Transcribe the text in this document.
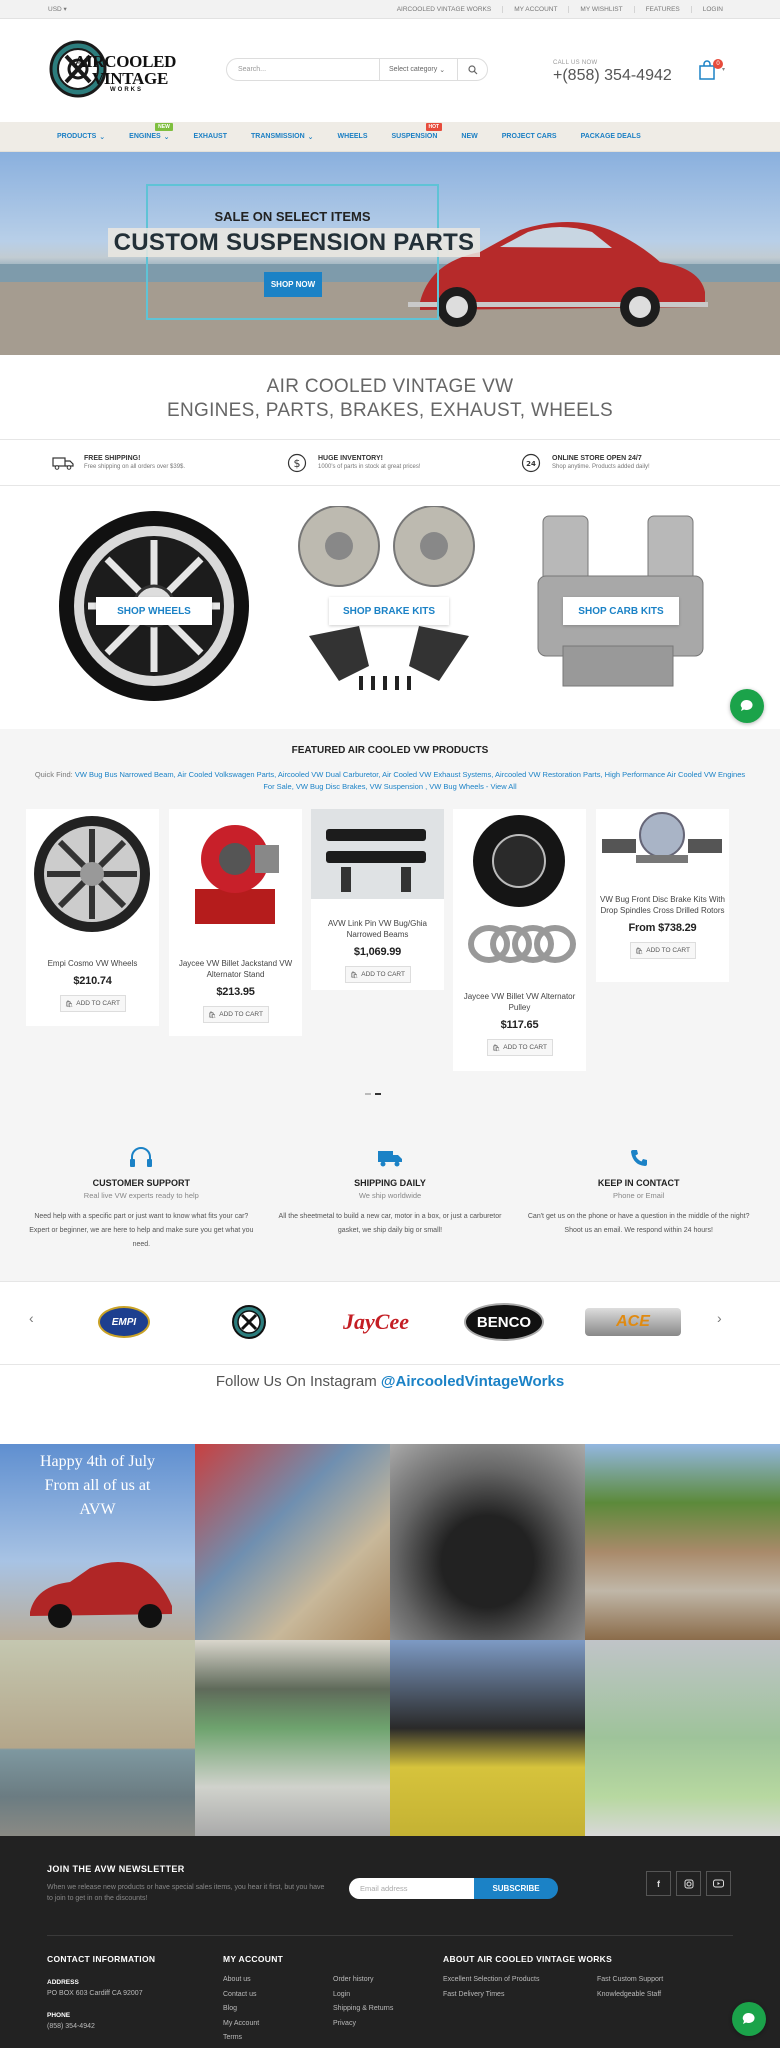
USD ▾	AIRCOOLED VINTAGE WORKS	MY ACCOUNT	MY WISHLIST	FEATURES	LOGIN
AIRCOOLED
VINTAGE
WORKS
Search...	Select category ⌄
CALL US NOW
+(858) 354-4942
0
▾
PRODUCTS ⌄	ENGINES ⌄
NEW
EXHAUST	TRANSMISSION ⌄	WHEELS	SUSPENSION
HOT
NEW	PROJECT CARS	PACKAGE DEALS
SALE ON SELECT ITEMS
CUSTOM SUSPENSION PARTS
SHOP NOW
AIR COOLED VINTAGE VW
ENGINES, PARTS, BRAKES, EXHAUST, WHEELS
FREE SHIPPING!
Free shipping on all orders over $39$.	$	HUGE INVENTORY!
1000's of parts in stock at great prices!	24
ONLINE STORE OPEN 24/7
Shop anytime. Products added daily!
SHOP WHEELS	SHOP BRAKE KITS	SHOP CARB KITS
FEATURED AIR COOLED VW PRODUCTS
Quick Find: VW Bug Bus Narrowed Beam, Air Cooled Volkswagen Parts, Aircooled VW Dual Carburetor, Air Cooled VW Exhaust Systems, Aircooled VW Restoration Parts, High Performance Air Cooled VW Engines For Sale, VW Bug Disc Brakes, VW Suspension , VW Bug Wheels - View All
Empi Cosmo VW Wheels
$210.74
🛍 ADD TO CART
Jaycee VW Billet Jackstand VW Alternator Stand
$213.95
🛍 ADD TO CART
AVW Link Pin VW Bug/Ghia Narrowed Beams
$1,069.99
🛍 ADD TO CART
Jaycee VW Billet VW Alternator Pulley
$117.65
🛍 ADD TO CART
VW Bug Front Disc Brake Kits With Drop Spindles Cross Drilled Rotors
From $738.29
🛍 ADD TO CART
CUSTOMER SUPPORT
Real live VW experts ready to help
Need help with a specific part or just want to know what fits your car? Expert or beginner, we are here to help and make sure you get what you need.
SHIPPING DAILY
We ship worldwide
All the sheetmetal to build a new car, motor in a box, or just a carburetor gasket, we ship daily big or small!
KEEP IN CONTACT
Phone or Email
Can't get us on the phone or have a question in the middle of the night? Shoot us an email. We respond within 24 hours!
‹	EMPI	JayCee	BENCO	ACE	›
Follow Us On Instagram @AircooledVintageWorks
Happy 4th of July From all of us at AVW
JOIN THE AVW NEWSLETTER
When we release new products or have special sales items, you hear it first, but you have to join to get in on the discounts!
Email address	SUBSCRIBE	f
CONTACT INFORMATION
ADDRESS
PO BOX 603 Cardiff CA 92007
PHONE
(858) 354-4942
MY ACCOUNT
About us
Contact us
Blog
My Account
Terms
Order history
Login
Shipping & Returns
Privacy
ABOUT AIR COOLED VINTAGE WORKS
Excellent Selection of Products
Fast Delivery Times
Fast Custom Support
Knowledgeable Staff
